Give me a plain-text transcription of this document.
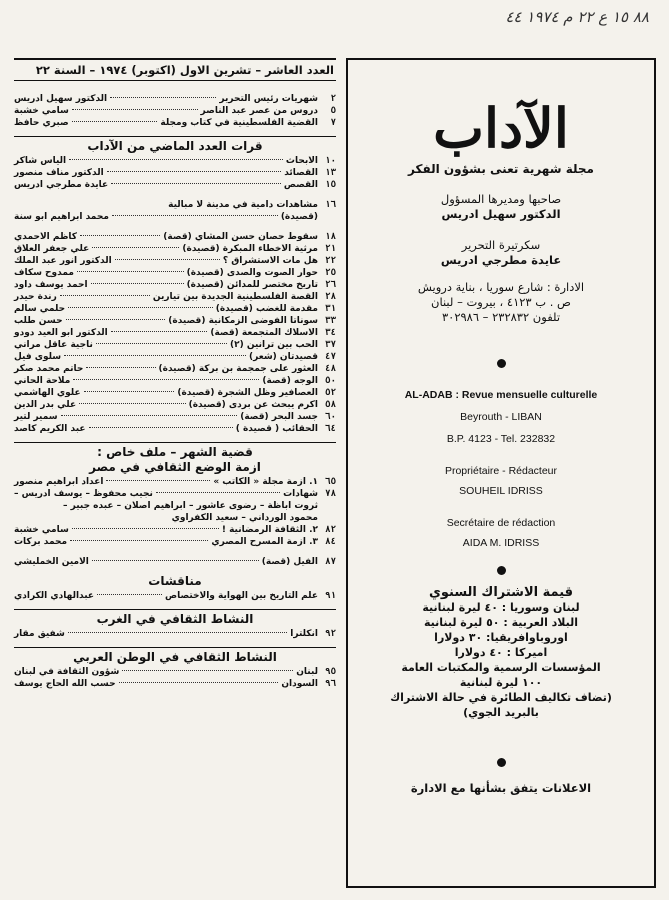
٨٨ ١٥ ع ٢٢ م ١٩٧٤ ٤٤
العدد العاشر – تشرين الاول (اكتوبر) ١٩٧٤ – السنة ٢٢
٢
شهريات رئيس التحرير
الدكتور سهيل ادريس
٥
دروس من عصر عبد الناصر
سامي خشبة
٧
القضية الفلسطينية في كتاب ومجلة
صبري حافظ
قرات العدد الماضي من الآداب
١٠
الابحاث
الياس شاكر
١٣
القصائد
الدكتور مناف منصور
١٥
القصص
عايدة مطرجي ادريس
١٦
مشاهدات دامية في مدينة لا مبالية
(قصيدة)
محمد ابراهيم ابو سنة
١٨
سقوط حصان حسن المشاي (قصة)
كاظم الاحمدي
٢١
مرثية الاخطاء المبكرة (قصيدة)
علي جعفر العلاق
٢٢
هل مات الاستشراق ؟
الدكتور انور عبد الملك
٢٥
حوار الصوت والصدى (قصيدة)
ممدوح سكاف
٢٦
تاريخ مختصر للمدائن (قصيدة)
احمد يوسف داود
٢٨
القصة الفلسطينية الجديدة بين تيارين
رندة حيدر
٣١
مقدمة للغضب (قصيدة)
حلمي سالم
٣٣
سوناتا الفوضى الزمكانية (قصيدة)
حسن طلب
٣٤
الاسلاك المتجمعة (قصة)
الدكتور ابو العيد دودو
٣٧
الحب بين ترانين (٢)
ناجية عاقل مراني
٤٧
قصيدتان (شعر)
سلوى فيل
٤٨
العثور على جمجمة بن بركة (قصيدة)
حاتم محمد صكر
٥٠
الوجه (قصة)
ملاحة الحاني
٥٢
العصافير وظل الشجرة (قصيدة)
علوي الهاشمي
٥٨
اكرم يبحث عن بردى (قصيدة)
علي بدر الدين
٦٠
جسد البحر (قصة)
سمير لتير
٦٤
الحقائب ( قصيدة )
عبد الكريم كاصد
قضية الشهر – ملف خاص :
ازمة الوضع الثقافي في مصر
٦٥
١. ازمة مجلة « الكاتب »
اعداد ابراهيم منصور
٧٨
شهادات
نجيب محفوظ – يوسف ادريس –
ثروت اباظة – رضوى عاشور – ابراهيم اصلان – عبده جبير –
محمود الورداني – سعيد الكفراوي
٨٢
٢. الثقافة الرمضانية !
سامي خشبة
٨٤
٣. ازمة المسرح المصري
محمد بركات
٨٧
الفيل (قصة)
الامين الخمليشي
مناقشات
٩١
علم التاريخ بين الهواية والاختصاص
عبدالهادي الكرادي
النشاط الثقافي في الغرب
٩٢
انكلترا
شفيق مقار
النشاط الثقافي في الوطن العربي
٩٥
لبنان
شؤون الثقافة في لبنان
٩٦
السودان
حسب الله الحاج يوسف
الآداب
مجلة شهرية تعنى بشؤون الفكر
صاحبها ومديرها المسؤول
الدكتور سهيل ادريس
سكرتيرة التحرير
عايدة مطرجي ادريس
الادارة : شارع سوريا ، بناية درويش
ص . ب ٤١٢٣ ، بيروت – لبنان
تلفون ٢٣٢٨٣٢ – ٣٠٢٩٨٦
AL-ADAB : Revue mensuelle culturelle
Beyrouth - LIBAN
B.P. 4123 - Tel. 232832
Propriétaire - Rédacteur
SOUHEIL IDRISS
Secrétaire de rédaction
AIDA M. IDRISS
قيمة الاشتراك السنوي
لبنان وسوريا : ٤٠ ليرة لبنانية
البلاد العربية : ٥٠ ليرة لبنانية
اوروباوافريقيا: ٣٠ دولارا
اميركا : ٤٠ دولارا
المؤسسات الرسمية والمكتبات العامة
١٠٠ ليرة لبنانية
(تضاف تكاليف الطائرة في حالة الاشتراك
بالبريد الجوي)
الاعلانات يتفق بشأنها مع الادارة
